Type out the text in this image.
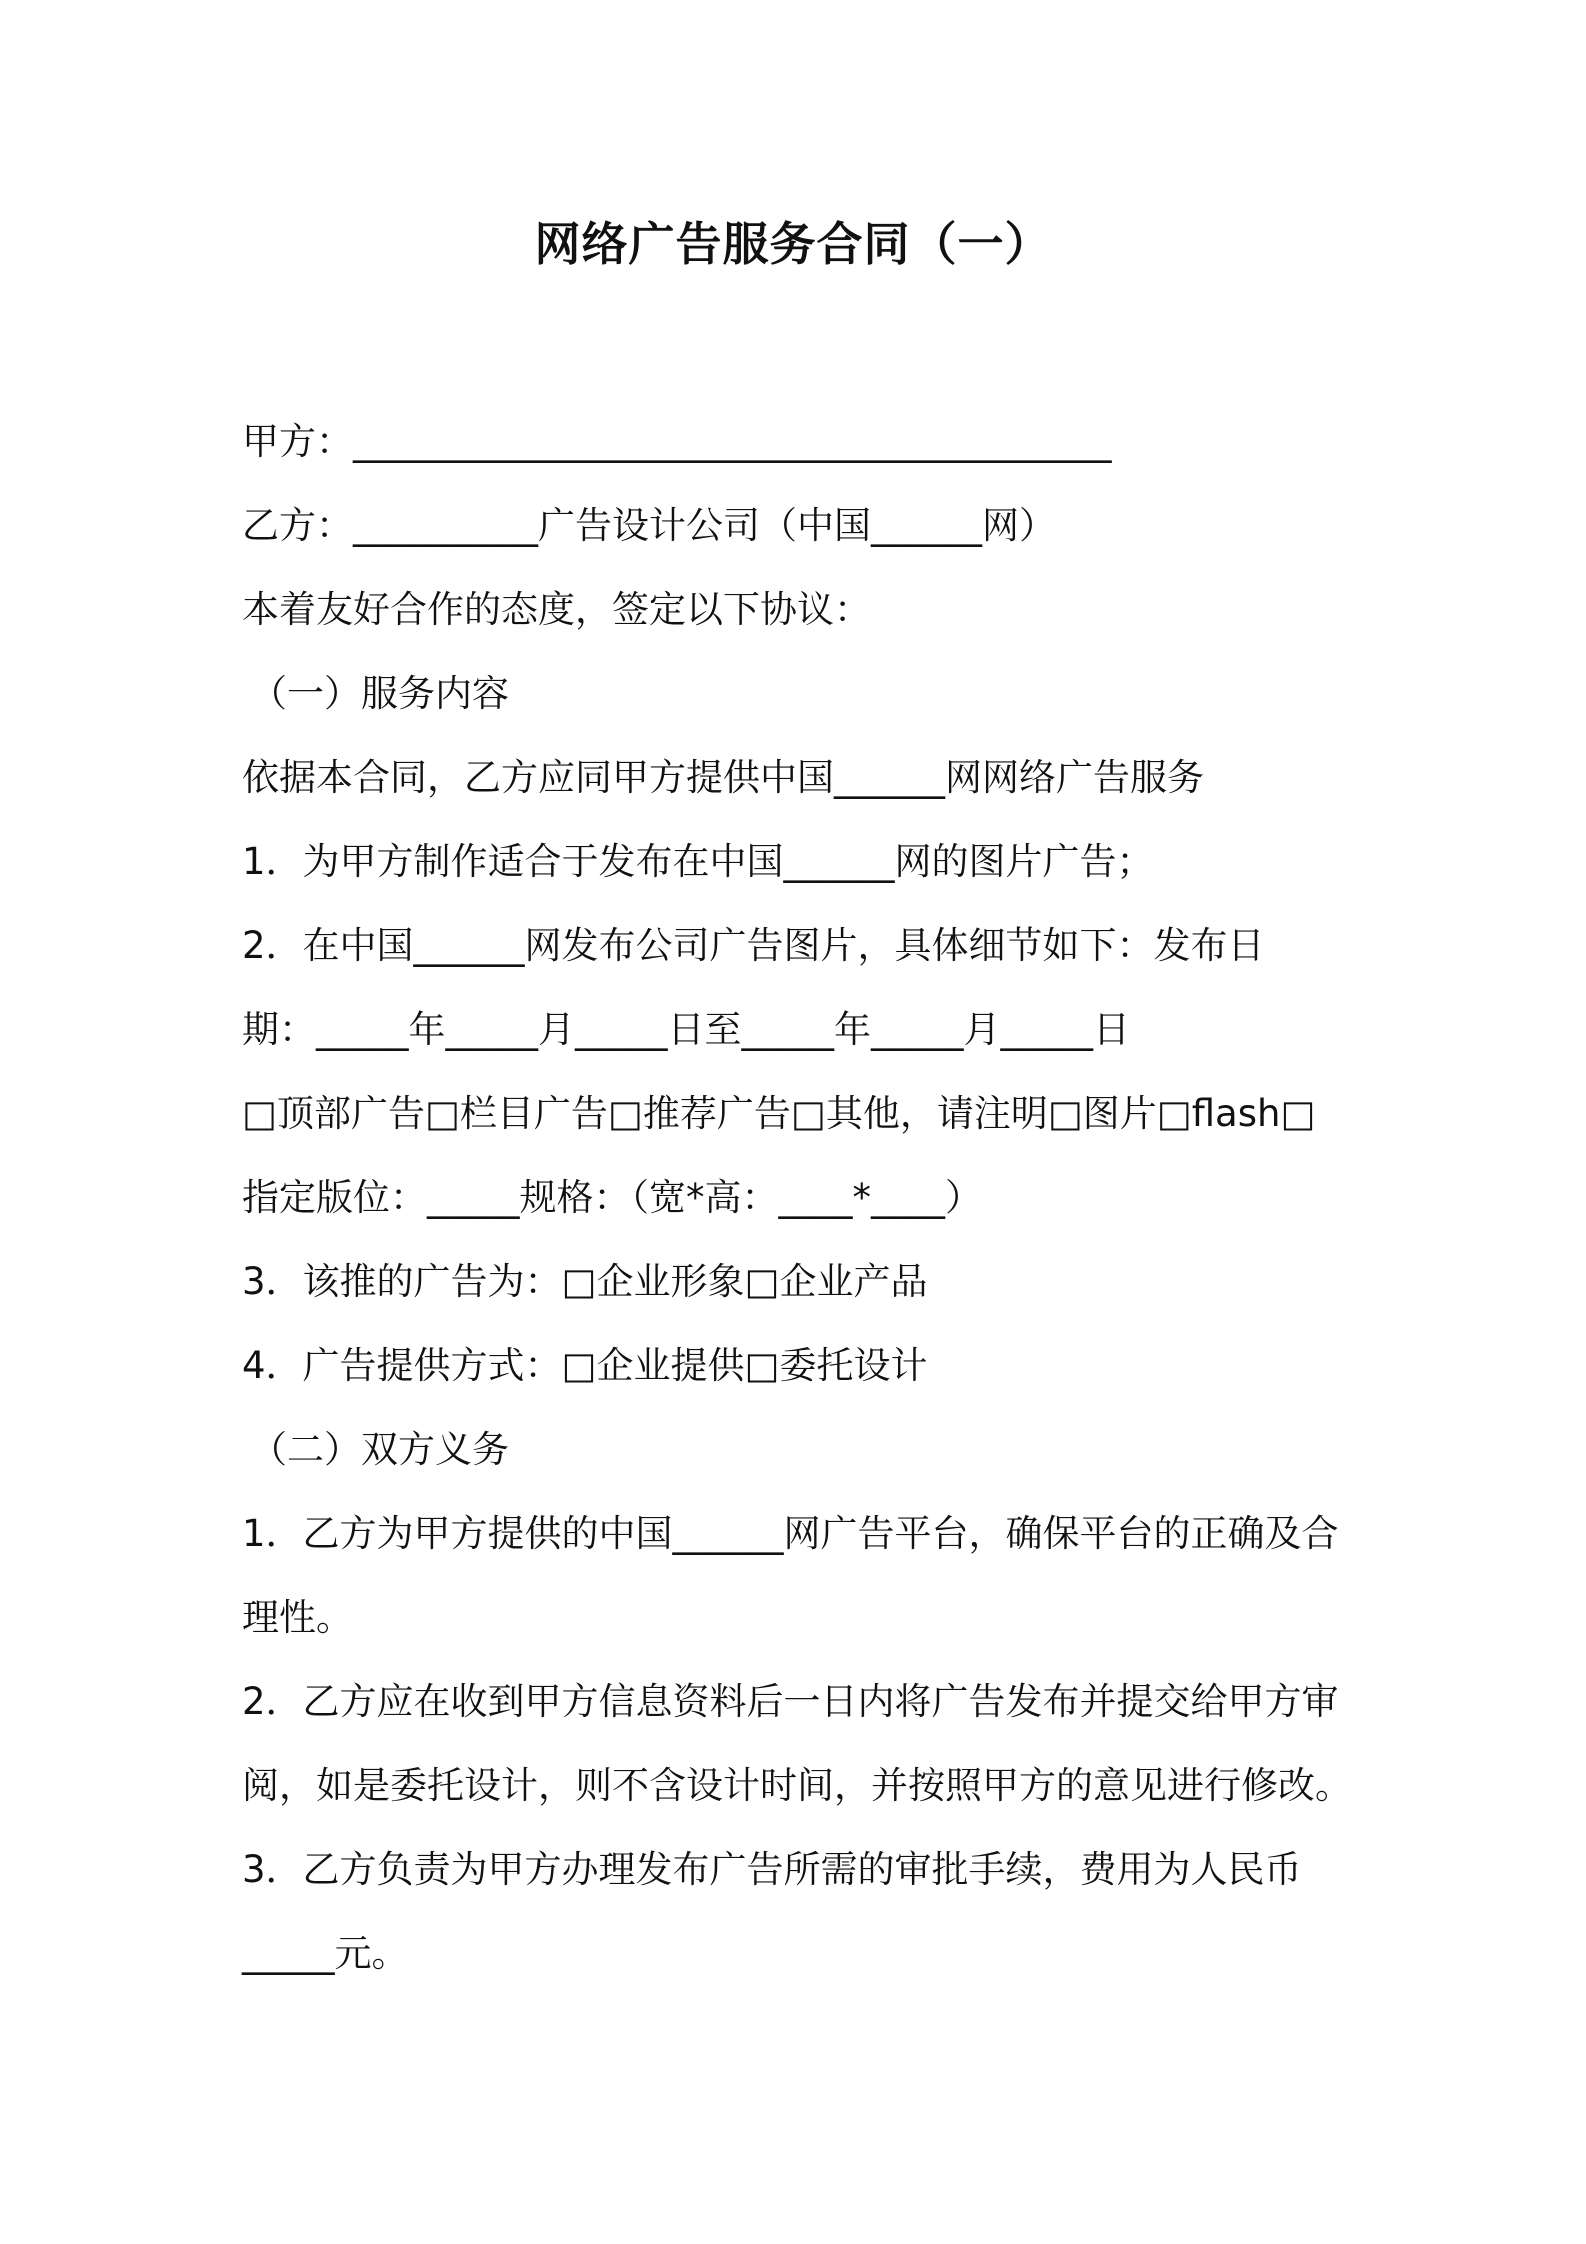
网络广告服务合同（一）
甲方：_________________________________________
乙方：__________广告设计公司（中国______网）
本着友好合作的态度，签定以下协议：
（一）服务内容
依据本合同，乙方应同甲方提供中国______网网络广告服务
1．为甲方制作适合于发布在中国______网的图片广告；
2．在中国______网发布公司广告图片，具体细节如下：发布日
期：_____年_____月_____日至_____年_____月_____日
□顶部广告□栏目广告□推荐广告□其他，请注明□图片□flash□
指定版位：_____规格：（宽*高：____*____）
3．该推的广告为：□企业形象□企业产品
4．广告提供方式：□企业提供□委托设计
（二）双方义务
1．乙方为甲方提供的中国______网广告平台，确保平台的正确及合
理性。
2．乙方应在收到甲方信息资料后一日内将广告发布并提交给甲方审
阅，如是委托设计，则不含设计时间，并按照甲方的意见进行修改。
3．乙方负责为甲方办理发布广告所需的审批手续，费用为人民币
_____元。
